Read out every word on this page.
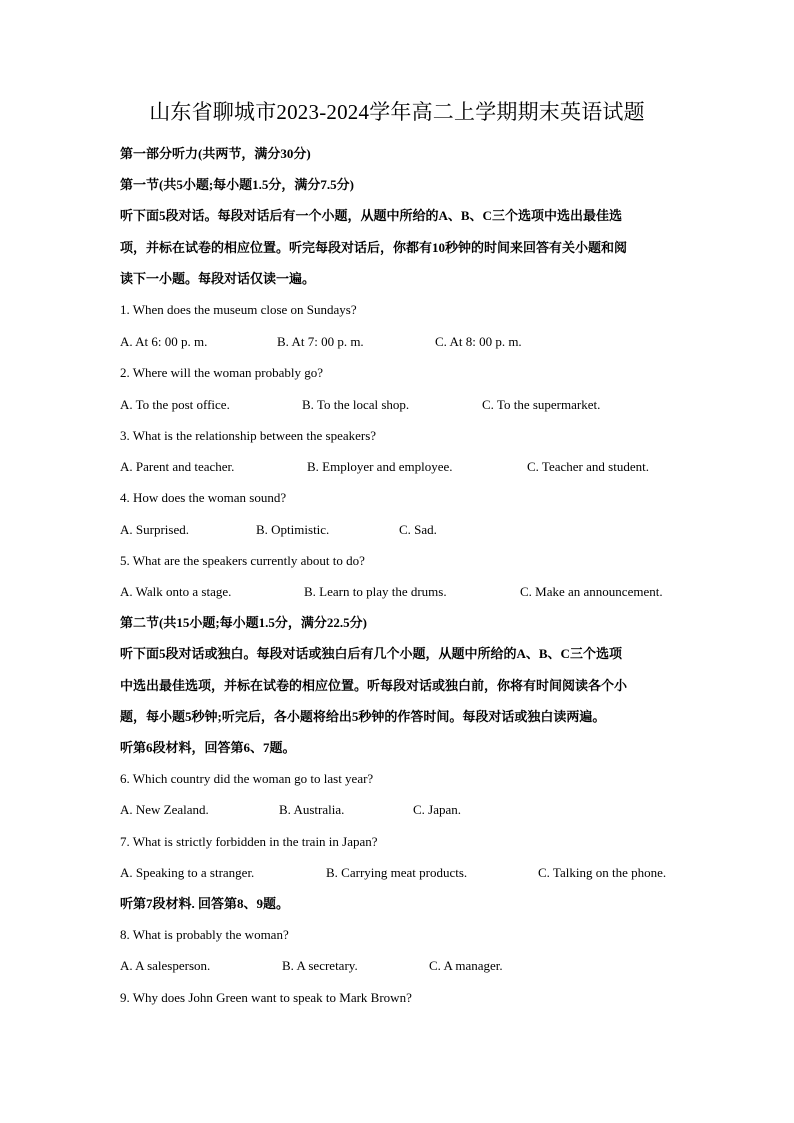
山东省聊城市2023-2024学年高二上学期期末英语试题
第一部分听力(共两节，满分30分)
第一节(共5小题;每小题1.5分，满分7.5分)
听下面5段对话。每段对话后有一个小题，从题中所给的A、B、C三个选项中选出最佳选
项，并标在试卷的相应位置。听完每段对话后，你都有10秒钟的时间来回答有关小题和阅
读下一小题。每段对话仅读一遍。
1. When does the museum close on Sundays?
A. At 6: 00 p. m.	B. At 7: 00 p. m.	C. At 8: 00 p. m.
2. Where will the woman probably go?
A. To the post office.	B. To the local shop.	C. To the supermarket.
3. What is the relationship between the speakers?
A. Parent and teacher.	B. Employer and employee.	C. Teacher and student.
4. How does the woman sound?
A. Surprised.	B. Optimistic.	C. Sad.
5. What are the speakers currently about to do?
A. Walk onto a stage.	B. Learn to play the drums.	C. Make an announcement.
第二节(共15小题;每小题1.5分，满分22.5分)
听下面5段对话或独白。每段对话或独白后有几个小题，从题中所给的A、B、C三个选项
中选出最佳选项，并标在试卷的相应位置。听每段对话或独白前，你将有时间阅读各个小
题，每小题5秒钟;听完后，各小题将给出5秒钟的作答时间。每段对话或独白读两遍。
听第6段材料，回答第6、7题。
6. Which country did the woman go to last year?
A. New Zealand.	B. Australia.	C. Japan.
7. What is strictly forbidden in the train in Japan?
A. Speaking to a stranger.	B. Carrying meat products.	C. Talking on the phone.
听第7段材料. 回答第8、9题。
8. What is probably the woman?
A. A salesperson.	B. A secretary.	C. A manager.
9. Why does John Green want to speak to Mark Brown?
